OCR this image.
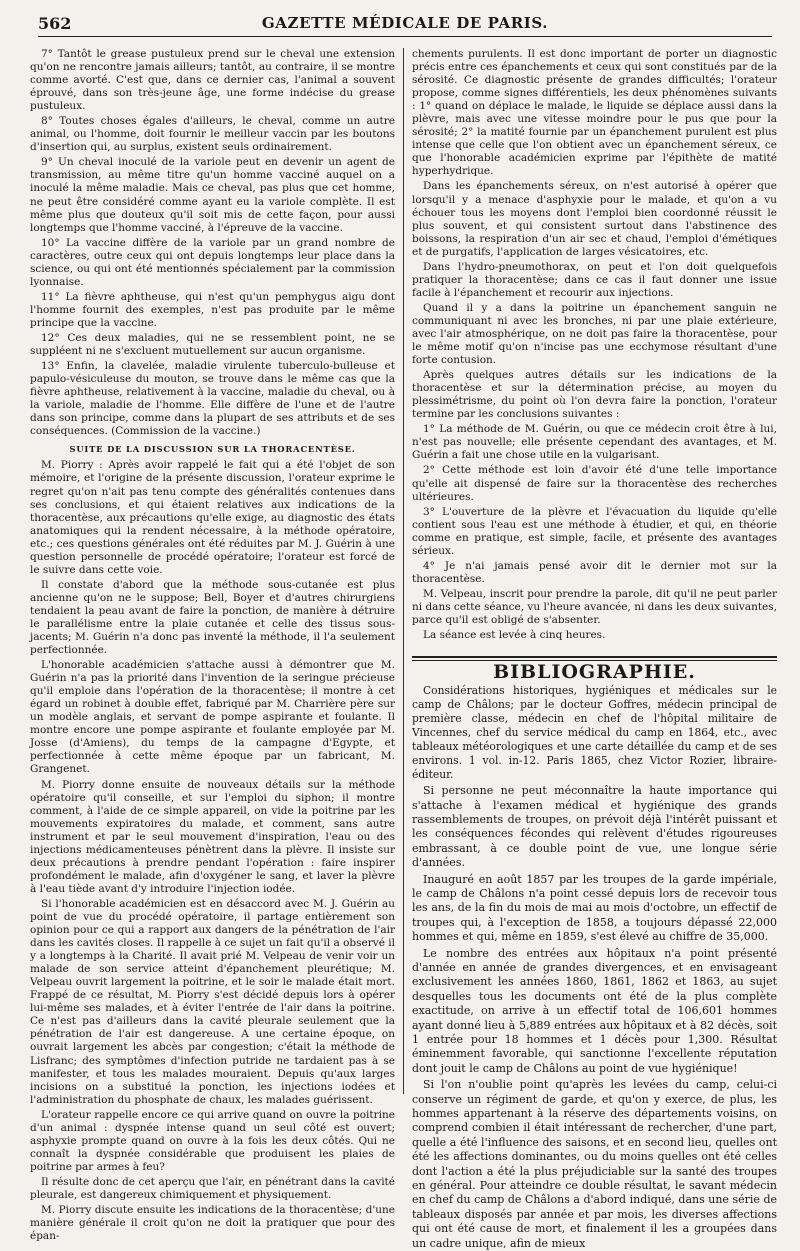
562	GAZETTE MÉDICALE DE PARIS.

7° Tantôt le grease pustuleux prend sur le cheval une extension qu'on ne rencontre jamais ailleurs; tantôt, au contraire, il se montre comme avorté. C'est que, dans ce dernier cas, l'animal a souvent éprouvé, dans son très-jeune âge, une forme indécise du grease pustuleux.

8° Toutes choses égales d'ailleurs, le cheval, comme un autre animal, ou l'homme, doit fournir le meilleur vaccin par les boutons d'insertion qui, au surplus, existent seuls ordinairement.

9° Un cheval inoculé de la variole peut en devenir un agent de transmission, au même titre qu'un homme vacciné auquel on a inoculé la même maladie. Mais ce cheval, pas plus que cet homme, ne peut être considéré comme ayant eu la variole complète. Il est même plus que douteux qu'il soit mis de cette façon, pour aussi longtemps que l'homme vacciné, à l'épreuve de la vaccine.

10° La vaccine diffère de la variole par un grand nombre de caractères, outre ceux qui ont depuis longtemps leur place dans la science, ou qui ont été mentionnés spécialement par la commission lyonnaise.

11° La fièvre aphtheuse, qui n'est qu'un pemphygus aigu dont l'homme fournit des exemples, n'est pas produite par le même principe que la vaccine.

12° Ces deux maladies, qui ne se ressemblent point, ne se suppléent ni ne s'excluent mutuellement sur aucun organisme.

13° Enfin, la clavelée, maladie virulente tuberculo-bulleuse et papulo-vésiculeuse du mouton, se trouve dans le même cas que la fièvre aphtheuse, relativement à la vaccine, maladie du cheval, ou à la variole, maladie de l'homme. Elle diffère de l'une et de l'autre dans son principe, comme dans la plupart de ses attributs et de ses conséquences. (Commission de la vaccine.)

SUITE DE LA DISCUSSION SUR LA THORACENTÈSE.

M. Piorry : Après avoir rappelé le fait qui a été l'objet de son mémoire, et l'origine de la présente discussion, l'orateur exprime le regret qu'on n'ait pas tenu compte des généralités contenues dans ses conclusions, et qui étaient relatives aux indications de la thoracentèse, aux précautions qu'elle exige, au diagnostic des états anatomiques qui la rendent nécessaire, à la méthode opératoire, etc.; ces questions générales ont été réduites par M. J. Guérin à une question personnelle de procédé opératoire; l'orateur est forcé de le suivre dans cette voie.

Il constate d'abord que la méthode sous-cutanée est plus ancienne qu'on ne le suppose; Bell, Boyer et d'autres chirurgiens tendaient la peau avant de faire la ponction, de manière à détruire le parallélisme entre la plaie cutanée et celle des tissus sous-jacents; M. Guérin n'a donc pas inventé la méthode, il l'a seulement perfectionnée.

L'honorable académicien s'attache aussi à démontrer que M. Guérin n'a pas la priorité dans l'invention de la seringue précieuse qu'il emploie dans l'opération de la thoracentèse; il montre à cet égard un robinet à double effet, fabriqué par M. Charrière père sur un modèle anglais, et servant de pompe aspirante et foulante. Il montre encore une pompe aspirante et foulante employée par M. Josse (d'Amiens), du temps de la campagne d'Egypte, et perfectionnée à cette même époque par un fabricant, M. Grangenet.

M. Piorry donne ensuite de nouveaux détails sur la méthode opératoire qu'il conseille, et sur l'emploi du siphon; il montre comment, à l'aide de ce simple appareil, on vide la poitrine par les mouvements expiratoires du malade, et comment, sans autre instrument et par le seul mouvement d'inspiration, l'eau ou des injections médicamenteuses pénètrent dans la plèvre. Il insiste sur deux précautions à prendre pendant l'opération : faire inspirer profondément le malade, afin d'oxygéner le sang, et laver la plèvre à l'eau tiède avant d'y introduire l'injection iodée.

Si l'honorable académicien est en désaccord avec M. J. Guérin au point de vue du procédé opératoire, il partage entièrement son opinion pour ce qui a rapport aux dangers de la pénétration de l'air dans les cavités closes. Il rappelle à ce sujet un fait qu'il a observé il y a longtemps à la Charité. Il avait prié M. Velpeau de venir voir un malade de son service atteint d'épanchement pleurétique; M. Velpeau ouvrit largement la poitrine, et le soir le malade était mort. Frappé de ce résultat, M. Piorry s'est décidé depuis lors à opérer lui-même ses malades, et à éviter l'entrée de l'air dans la poitrine. Ce n'est pas d'ailleurs dans la cavité pleurale seulement que la pénétration de l'air est dangereuse. A une certaine époque, on ouvrait largement les abcès par congestion; c'était la méthode de Lisfranc; des symptômes d'infection putride ne tardaient pas à se manifester, et tous les malades mouraient. Depuis qu'aux larges incisions on a substitué la ponction, les injections iodées et l'administration du phosphate de chaux, les malades guérissent.

L'orateur rappelle encore ce qui arrive quand on ouvre la poitrine d'un animal : dyspnée intense quand un seul côté est ouvert; asphyxie prompte quand on ouvre à la fois les deux côtés. Qui ne connaît la dyspnée considérable que produisent les plaies de poitrine par armes à feu?

Il résulte donc de cet aperçu que l'air, en pénétrant dans la cavité pleurale, est dangereux chimiquement et physiquement.

M. Piorry discute ensuite les indications de la thoracentèse; d'une manière générale il croit qu'on ne doit la pratiquer que pour des épan-

chements purulents. Il est donc important de porter un diagnostic précis entre ces épanchements et ceux qui sont constitués par de la sérosité. Ce diagnostic présente de grandes difficultés; l'orateur propose, comme signes différentiels, les deux phénomènes suivants : 1° quand on déplace le malade, le liquide se déplace aussi dans la plèvre, mais avec une vitesse moindre pour le pus que pour la sérosité; 2° la matité fournie par un épanchement purulent est plus intense que celle que l'on obtient avec un épanchement séreux, ce que l'honorable académicien exprime par l'épithète de matité hyperhydrique.

Dans les épanchements séreux, on n'est autorisé à opérer que lorsqu'il y a menace d'asphyxie pour le malade, et qu'on a vu échouer tous les moyens dont l'emploi bien coordonné réussit le plus souvent, et qui consistent surtout dans l'abstinence des boissons, la respiration d'un air sec et chaud, l'emploi d'émétiques et de purgatifs, l'application de larges vésicatoires, etc.

Dans l'hydro-pneumothorax, on peut et l'on doit quelquefois pratiquer la thoracentèse; dans ce cas il faut donner une issue facile à l'épanchement et recourir aux injections.

Quand il y a dans la poitrine un épanchement sanguin ne communiquant ni avec les bronches, ni par une plaie extérieure, avec l'air atmosphérique, on ne doit pas faire la thoracentèse, pour le même motif qu'on n'incise pas une ecchymose résultant d'une forte contusion.

Après quelques autres détails sur les indications de la thoracentèse et sur la détermination précise, au moyen du plessimétrisme, du point où l'on devra faire la ponction, l'orateur termine par les conclusions suivantes :

1° La méthode de M. Guérin, ou que ce médecin croit être à lui, n'est pas nouvelle; elle présente cependant des avantages, et M. Guérin a fait une chose utile en la vulgarisant.

2° Cette méthode est loin d'avoir été d'une telle importance qu'elle ait dispensé de faire sur la thoracentèse des recherches ultérieures.

3° L'ouverture de la plèvre et l'évacuation du liquide qu'elle contient sous l'eau est une méthode à étudier, et qui, en théorie comme en pratique, est simple, facile, et présente des avantages sérieux.

4° Je n'ai jamais pensé avoir dit le dernier mot sur la thoracentèse.

M. Velpeau, inscrit pour prendre la parole, dit qu'il ne peut parler ni dans cette séance, vu l'heure avancée, ni dans les deux suivantes, parce qu'il est obligé de s'absenter.

La séance est levée à cinq heures.

BIBLIOGRAPHIE.

Considérations historiques, hygiéniques et médicales sur le camp de Châlons; par le docteur Goffres, médecin principal de première classe, médecin en chef de l'hôpital militaire de Vincennes, chef du service médical du camp en 1864, etc., avec tableaux météorologiques et une carte détaillée du camp et de ses environs. 1 vol. in-12. Paris 1865, chez Victor Rozier, libraire-éditeur.

Si personne ne peut méconnaître la haute importance qui s'attache à l'examen médical et hygiénique des grands rassemblements de troupes, on prévoit déjà l'intérêt puissant et les conséquences fécondes qui relèvent d'études rigoureuses embrassant, à ce double point de vue, une longue série d'années.

Inauguré en août 1857 par les troupes de la garde impériale, le camp de Châlons n'a point cessé depuis lors de recevoir tous les ans, de la fin du mois de mai au mois d'octobre, un effectif de troupes qui, à l'exception de 1858, a toujours dépassé 22,000 hommes et qui, même en 1859, s'est élevé au chiffre de 35,000.

Le nombre des entrées aux hôpitaux n'a point présenté d'année en année de grandes divergences, et en envisageant exclusivement les années 1860, 1861, 1862 et 1863, au sujet desquelles tous les documents ont été de la plus complète exactitude, on arrive à un effectif total de 106,601 hommes ayant donné lieu à 5,889 entrées aux hôpitaux et à 82 décès, soit 1 entrée pour 18 hommes et 1 décès pour 1,300. Résultat éminemment favorable, qui sanctionne l'excellente réputation dont jouit le camp de Châlons au point de vue hygiénique!

Si l'on n'oublie point qu'après les levées du camp, celui-ci conserve un régiment de garde, et qu'on y exerce, de plus, les hommes appartenant à la réserve des départements voisins, on comprend combien il était intéressant de rechercher, d'une part, quelle a été l'influence des saisons, et en second lieu, quelles ont été les affections dominantes, ou du moins quelles ont été celles dont l'action a été la plus préjudiciable sur la santé des troupes en général. Pour atteindre ce double résultat, le savant médecin en chef du camp de Châlons a d'abord indiqué, dans une série de tableaux disposés par année et par mois, les diverses affections qui ont été cause de mort, et finalement il les a groupées dans un cadre unique, afin de mieux
